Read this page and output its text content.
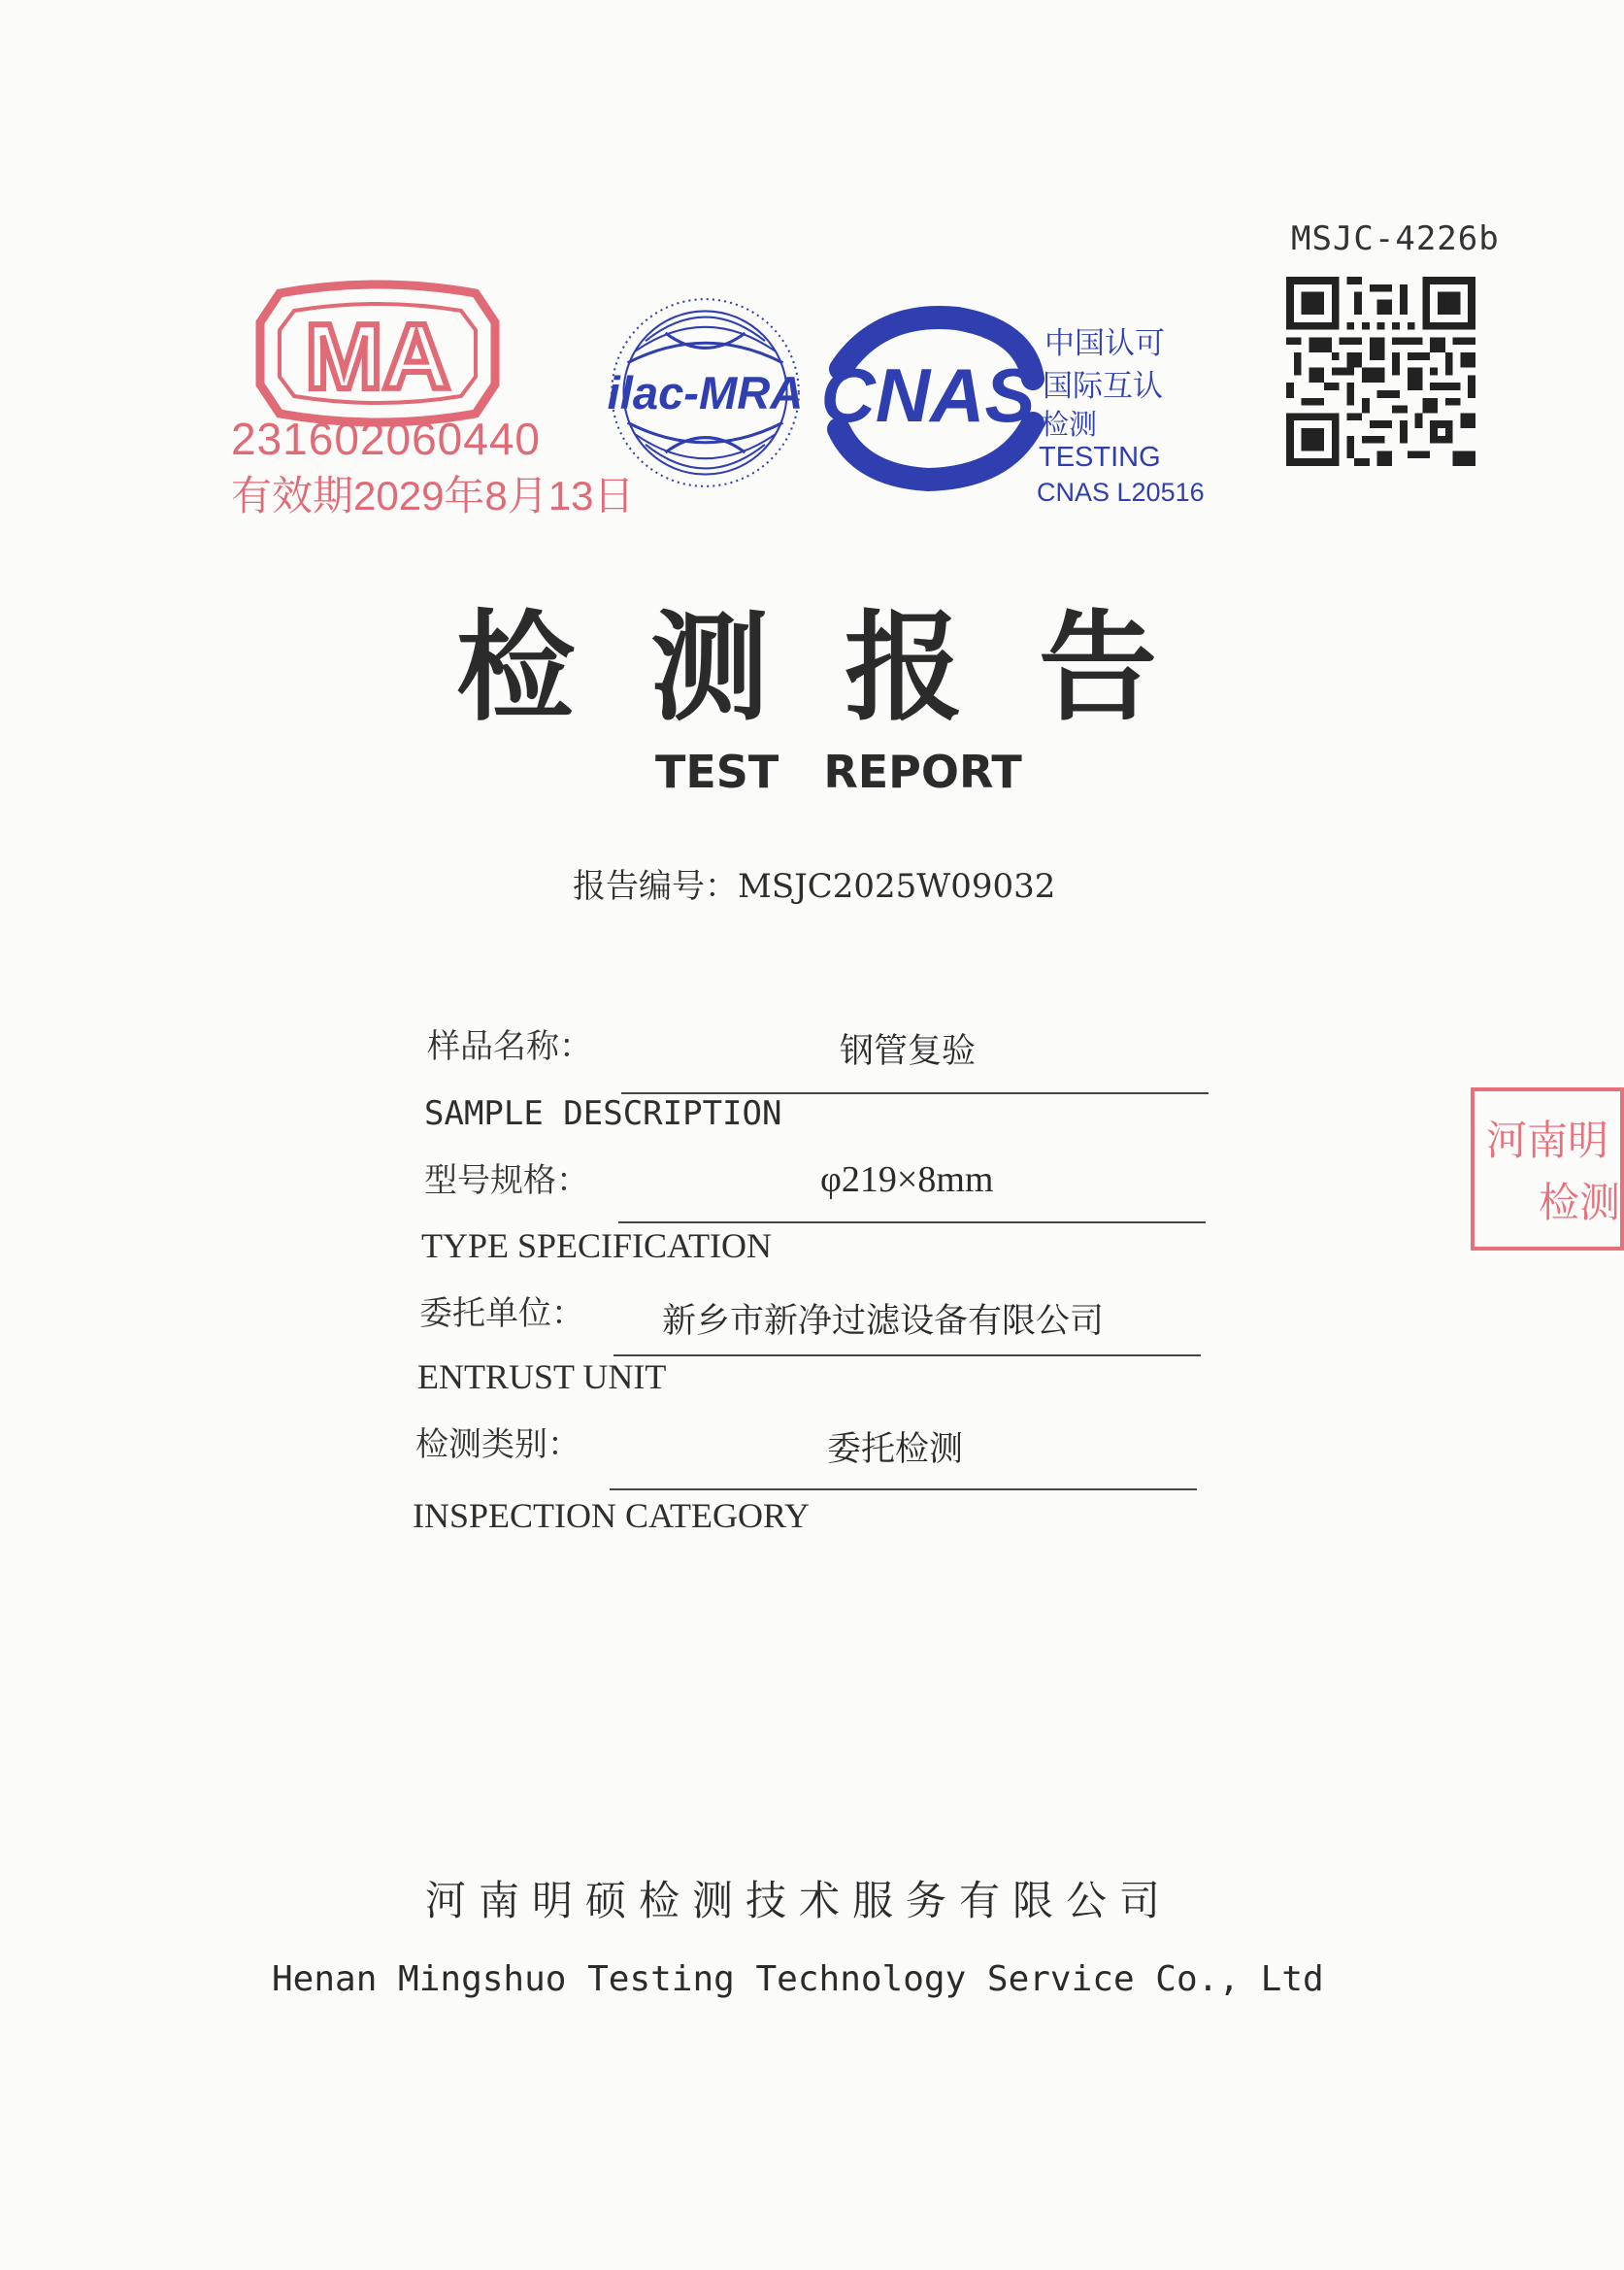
MSJC-4226b
MA
231602060440
有效期2029年8月13日
ilac-MRA CNAS
中国认可
国际互认
检测
TESTING
CNAS L20516
检测报告
TEST REPORT
报告编号：MSJC2025W09032
样品名称：	钢管复验
SAMPLE DESCRIPTION
型号规格：	φ219×8mm
TYPE SPECIFICATION
委托单位： 新乡市新净过滤设备有限公司
ENTRUST UNIT
检测类别：	委托检测
INSPECTION CATEGORY
河南明
检测
河南明硕检测技术服务有限公司
Henan Mingshuo Testing Technology Service Co., Ltd
